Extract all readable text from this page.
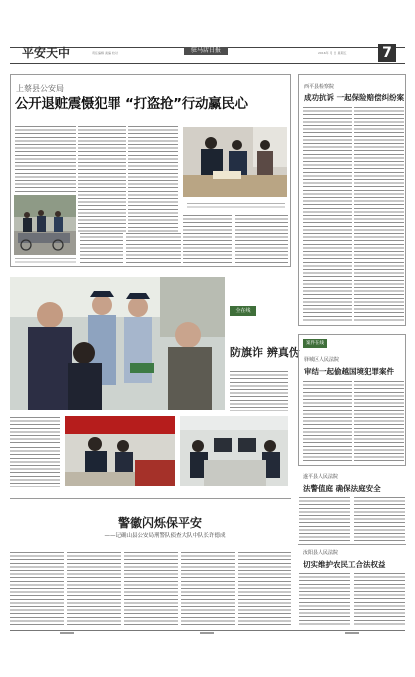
平安天中	责任编辑 美编 校对	驻马店日报	2016年 月 日 星期五	7
上蔡县公安局
公开退赃震慑犯罪 “打盗抢”行动赢民心
全在线
防旗诈 辨真伪
警徽闪烁保平安
——记确山县公安局刑警队侦查大队中队长许德成
西平县检察院
成功抗诉 一起保险赔偿纠纷案
案件在线
驿城区人民法院
审结一起偷越国境犯罪案件
遂平县人民法院
法警值庭 确保法庭安全
汝阳县人民法院
切实维护农民工合法权益
